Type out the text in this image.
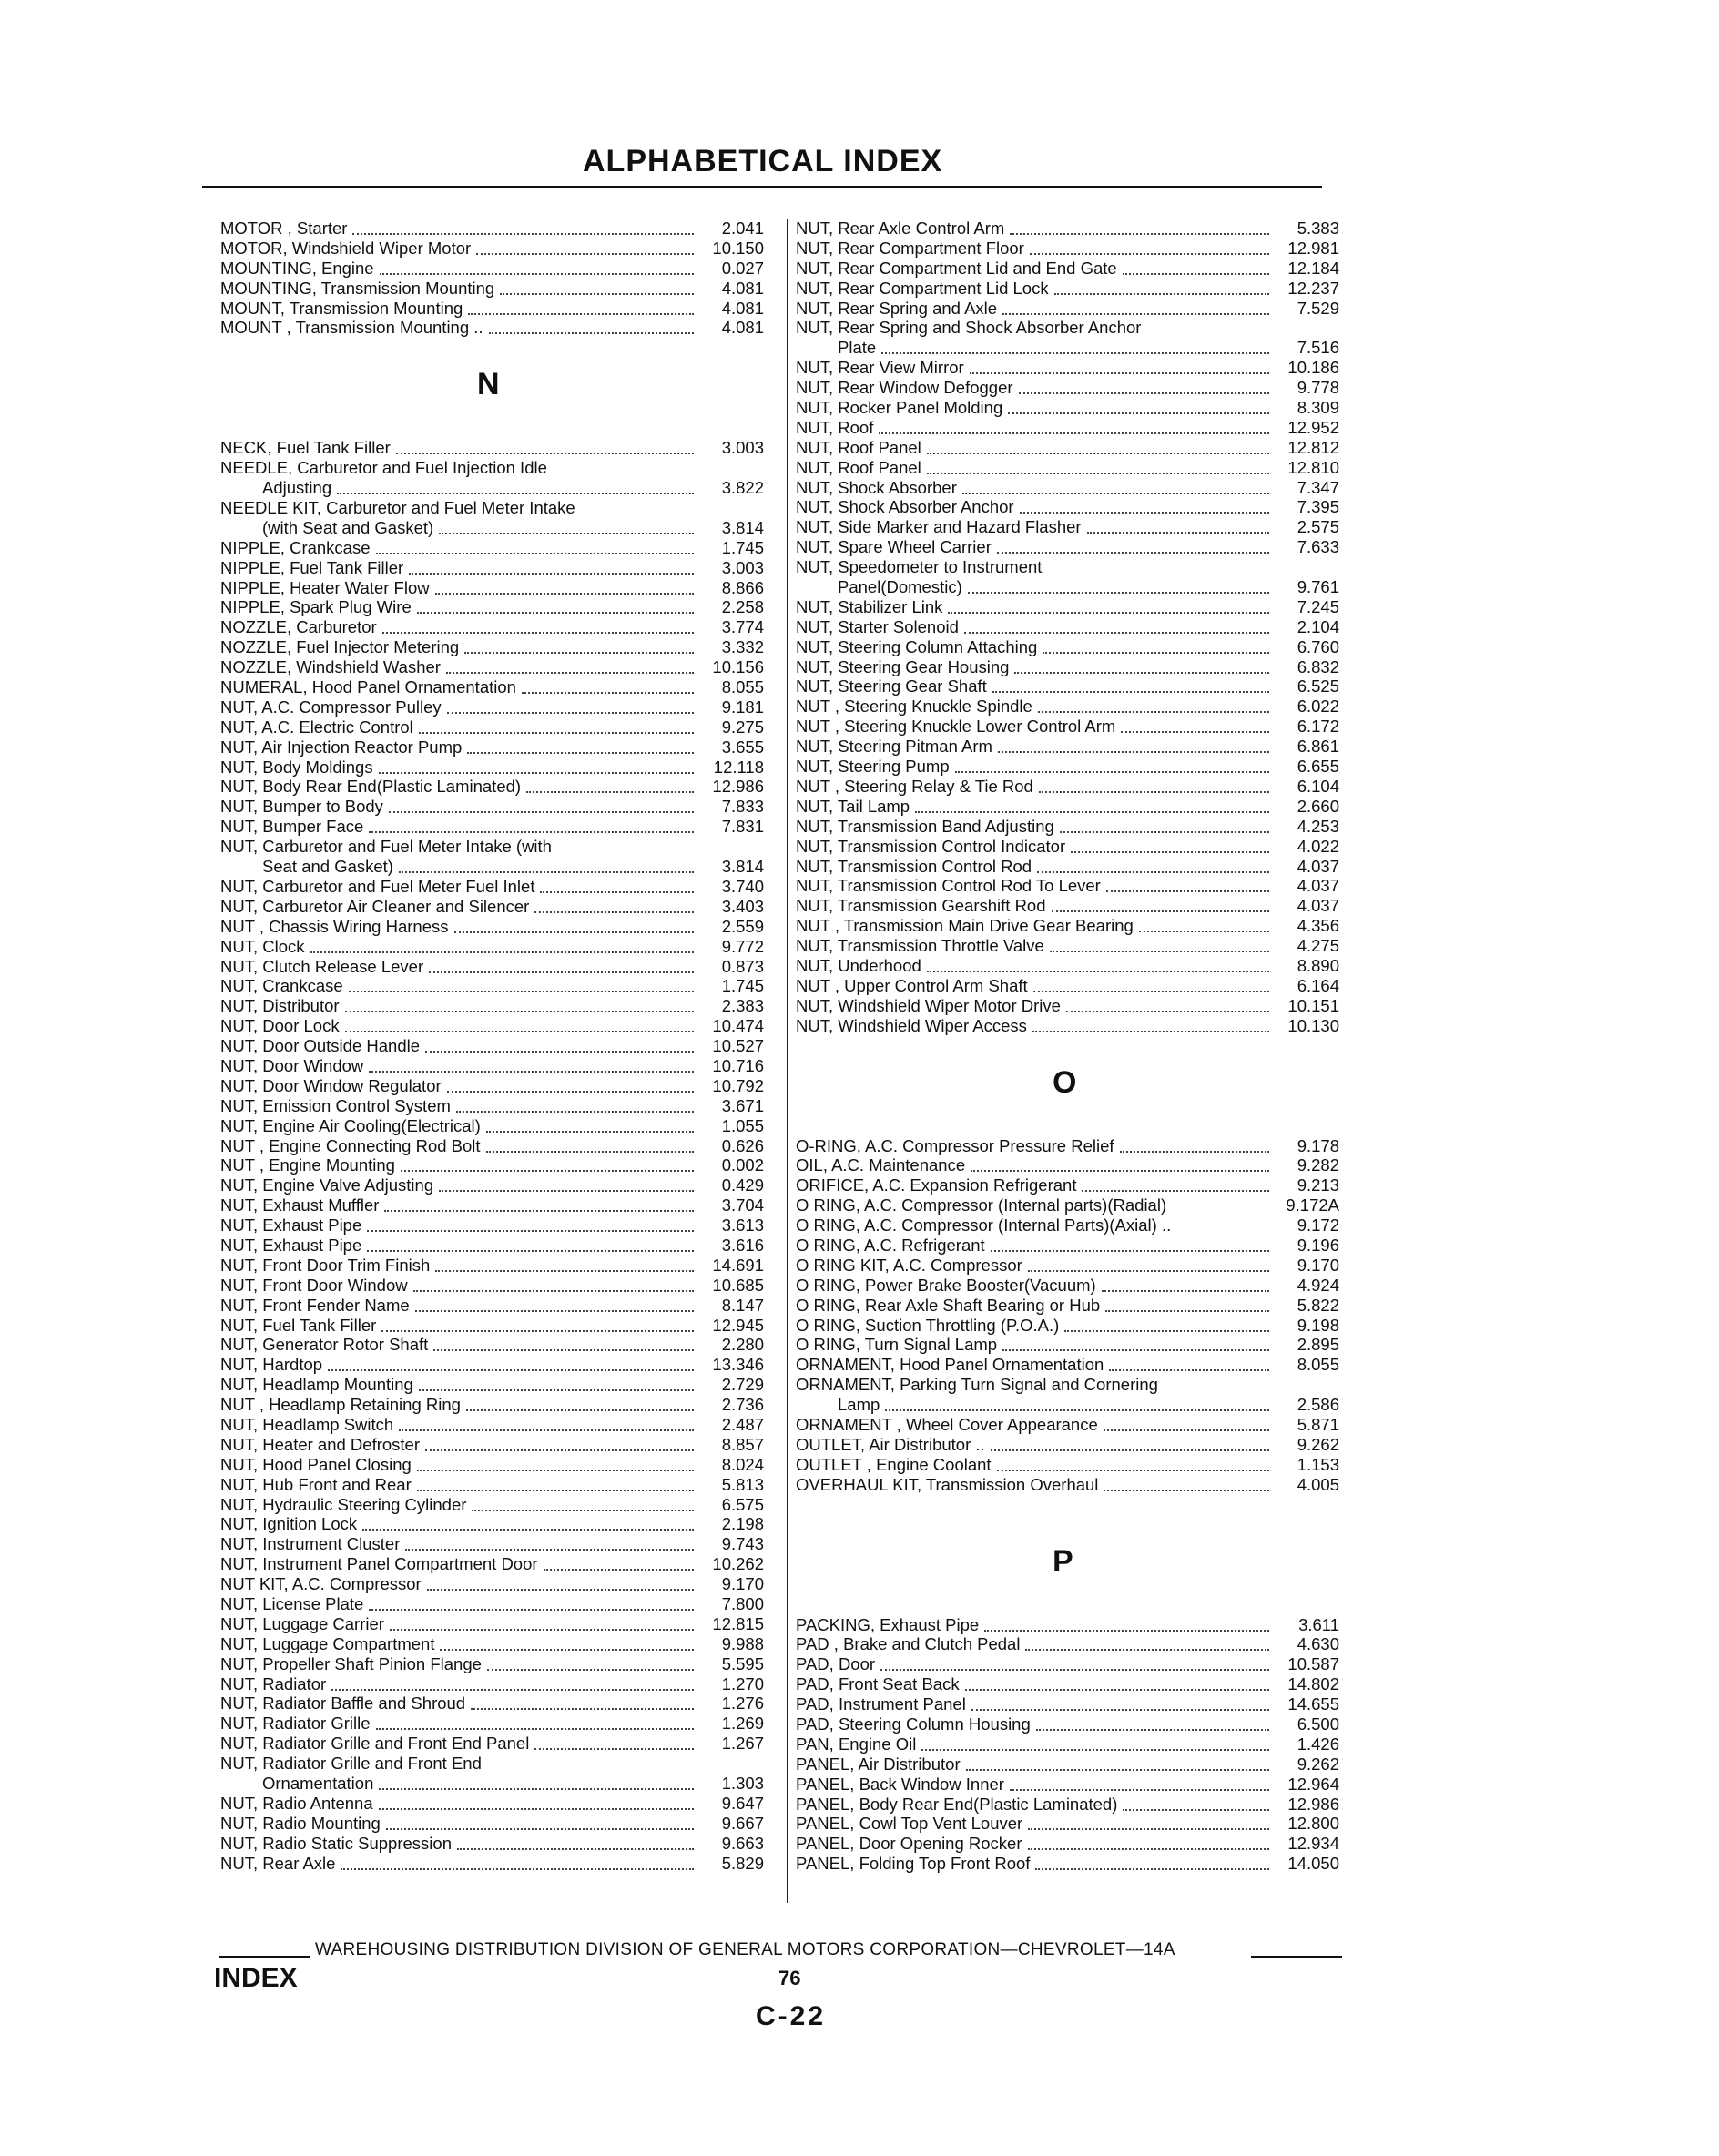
ALPHABETICAL INDEX
MOTOR , Starter	2.041
MOTOR, Windshield Wiper Motor	10.150
MOUNTING, Engine	0.027
MOUNTING, Transmission Mounting	4.081
MOUNT, Transmission Mounting	4.081
MOUNT , Transmission Mounting ..	4.081
N
NECK, Fuel Tank Filler	3.003
NEEDLE, Carburetor and Fuel Injection Idle
Adjusting	3.822
NEEDLE KIT, Carburetor and Fuel Meter Intake
(with Seat and Gasket)	3.814
NIPPLE, Crankcase	1.745
NIPPLE, Fuel Tank Filler	3.003
NIPPLE, Heater Water Flow	8.866
NIPPLE, Spark Plug Wire	2.258
NOZZLE, Carburetor	3.774
NOZZLE, Fuel Injector Metering	3.332
NOZZLE, Windshield Washer	10.156
NUMERAL, Hood Panel Ornamentation	8.055
NUT, A.C. Compressor Pulley	9.181
NUT, A.C. Electric Control	9.275
NUT, Air Injection Reactor Pump	3.655
NUT, Body Moldings	12.118
NUT, Body Rear End(Plastic Laminated)	12.986
NUT, Bumper to Body	7.833
NUT, Bumper Face	7.831
NUT, Carburetor and Fuel Meter Intake (with
Seat and Gasket)	3.814
NUT, Carburetor and Fuel Meter Fuel Inlet	3.740
NUT, Carburetor Air Cleaner and Silencer	3.403
NUT , Chassis Wiring Harness	2.559
NUT, Clock	9.772
NUT, Clutch Release Lever	0.873
NUT, Crankcase	1.745
NUT, Distributor	2.383
NUT, Door Lock	10.474
NUT, Door Outside Handle	10.527
NUT, Door Window	10.716
NUT, Door Window Regulator	10.792
NUT, Emission Control System	3.671
NUT, Engine Air Cooling(Electrical)	1.055
NUT , Engine Connecting Rod Bolt	0.626
NUT , Engine Mounting	0.002
NUT, Engine Valve Adjusting	0.429
NUT, Exhaust Muffler	3.704
NUT, Exhaust Pipe	3.613
NUT, Exhaust Pipe	3.616
NUT, Front Door Trim Finish	14.691
NUT, Front Door Window	10.685
NUT, Front Fender Name	8.147
NUT, Fuel Tank Filler	12.945
NUT, Generator Rotor Shaft	2.280
NUT, Hardtop	13.346
NUT, Headlamp Mounting	2.729
NUT , Headlamp Retaining Ring	2.736
NUT, Headlamp Switch	2.487
NUT, Heater and Defroster	8.857
NUT, Hood Panel Closing	8.024
NUT, Hub Front and Rear	5.813
NUT, Hydraulic Steering Cylinder	6.575
NUT, Ignition Lock	2.198
NUT, Instrument Cluster	9.743
NUT, Instrument Panel Compartment Door	10.262
NUT KIT, A.C. Compressor	9.170
NUT, License Plate	7.800
NUT, Luggage Carrier	12.815
NUT, Luggage Compartment	9.988
NUT, Propeller Shaft Pinion Flange	5.595
NUT, Radiator	1.270
NUT, Radiator Baffle and Shroud	1.276
NUT, Radiator Grille	1.269
NUT, Radiator Grille and Front End Panel	1.267
NUT, Radiator Grille and Front End
Ornamentation	1.303
NUT, Radio Antenna	9.647
NUT, Radio Mounting	9.667
NUT, Radio Static Suppression	9.663
NUT, Rear Axle	5.829
NUT, Rear Axle Control Arm	5.383
NUT, Rear Compartment Floor	12.981
NUT, Rear Compartment Lid and End Gate	12.184
NUT, Rear Compartment Lid Lock	12.237
NUT, Rear Spring and Axle	7.529
NUT, Rear Spring and Shock Absorber Anchor
Plate	7.516
NUT, Rear View Mirror	10.186
NUT, Rear Window Defogger	9.778
NUT, Rocker Panel Molding	8.309
NUT, Roof	12.952
NUT, Roof Panel	12.812
NUT, Roof Panel	12.810
NUT, Shock Absorber	7.347
NUT, Shock Absorber Anchor	7.395
NUT, Side Marker and Hazard Flasher	2.575
NUT, Spare Wheel Carrier	7.633
NUT, Speedometer to Instrument
Panel(Domestic)	9.761
NUT, Stabilizer Link	7.245
NUT, Starter Solenoid	2.104
NUT, Steering Column Attaching	6.760
NUT, Steering Gear Housing	6.832
NUT, Steering Gear Shaft	6.525
NUT , Steering Knuckle Spindle	6.022
NUT , Steering Knuckle Lower Control Arm	6.172
NUT, Steering Pitman Arm	6.861
NUT, Steering Pump	6.655
NUT , Steering Relay & Tie Rod	6.104
NUT, Tail Lamp	2.660
NUT, Transmission Band Adjusting	4.253
NUT, Transmission Control Indicator	4.022
NUT, Transmission Control Rod	4.037
NUT, Transmission Control Rod To Lever	4.037
NUT, Transmission Gearshift Rod	4.037
NUT , Transmission Main Drive Gear Bearing	4.356
NUT, Transmission Throttle Valve	4.275
NUT, Underhood	8.890
NUT , Upper Control Arm Shaft	6.164
NUT, Windshield Wiper Motor Drive	10.151
NUT, Windshield Wiper Access	10.130
O
O-RING, A.C. Compressor Pressure Relief	9.178
OIL, A.C. Maintenance	9.282
ORIFICE, A.C. Expansion Refrigerant	9.213
O RING, A.C. Compressor (Internal parts)(Radial)	9.172A
O RING, A.C. Compressor (Internal Parts)(Axial) ..	9.172
O RING, A.C. Refrigerant	9.196
O RING KIT, A.C. Compressor	9.170
O RING, Power Brake Booster(Vacuum)	4.924
O RING, Rear Axle Shaft Bearing or Hub	5.822
O RING, Suction Throttling (P.O.A.)	9.198
O RING, Turn Signal Lamp	2.895
ORNAMENT, Hood Panel Ornamentation	8.055
ORNAMENT, Parking Turn Signal and Cornering
Lamp	2.586
ORNAMENT , Wheel Cover Appearance	5.871
OUTLET, Air Distributor ..	9.262
OUTLET , Engine Coolant	1.153
OVERHAUL KIT, Transmission Overhaul	4.005
P
PACKING, Exhaust Pipe	3.611
PAD , Brake and Clutch Pedal	4.630
PAD, Door	10.587
PAD, Front Seat Back	14.802
PAD, Instrument Panel	14.655
PAD, Steering Column Housing	6.500
PAN, Engine Oil	1.426
PANEL, Air Distributor	9.262
PANEL, Back Window Inner	12.964
PANEL, Body Rear End(Plastic Laminated)	12.986
PANEL, Cowl Top Vent Louver	12.800
PANEL, Door Opening Rocker	12.934
PANEL, Folding Top Front Roof	14.050
WAREHOUSING DISTRIBUTION DIVISION OF GENERAL MOTORS CORPORATION—CHEVROLET—14A
INDEX	76
C-22
